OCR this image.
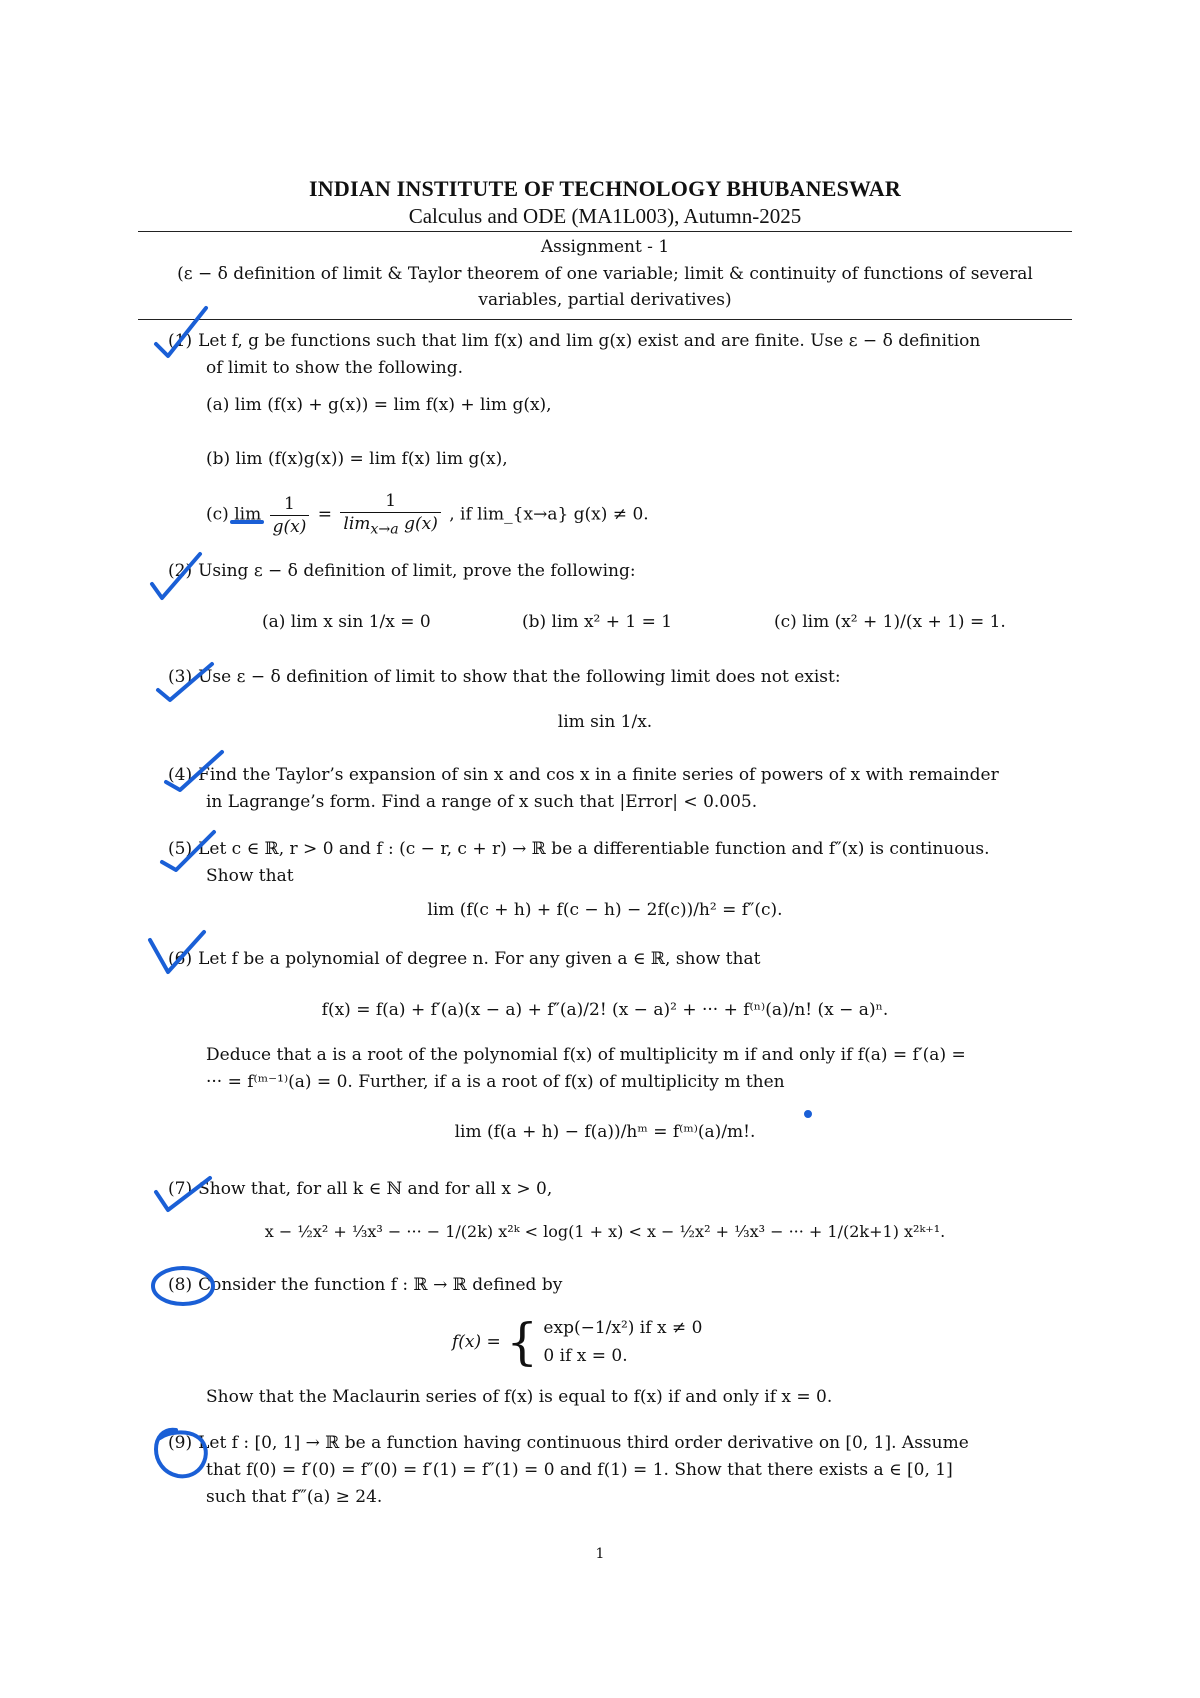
INDIAN INSTITUTE OF TECHNOLOGY BHUBANESWAR
Calculus and ODE (MA1L003), Autumn-2025
Assignment - 1
(ε − δ definition of limit & Taylor theorem of one variable; limit & continuity of functions of several
variables, partial derivatives)
(1) Let f, g be functions such that lim f(x) and lim g(x) exist and are finite. Use ε − δ definition
of limit to show the following.
(a) lim (f(x) + g(x)) = lim f(x) + lim g(x),
(b) lim (f(x)g(x)) = lim f(x) lim g(x),
(c) $\lim \frac{1}{g(x)} = \frac{1}{\lim_{x\to a} g(x)}$ , if lim_{x→a} g(x) ≠ 0.
(2) Using ε − δ definition of limit, prove the following:
(a) lim x sin 1/x = 0	(b) lim x² + 1 = 1	(c) lim (x² + 1)/(x + 1) = 1.
(3) Use ε − δ definition of limit to show that the following limit does not exist:
lim sin 1/x.
(4) Find the Taylor’s expansion of sin x and cos x in a finite series of powers of x with remainder
in Lagrange’s form. Find a range of x such that |Error| < 0.005.
(5) Let c ∈ ℝ, r > 0 and f : (c − r, c + r) → ℝ be a differentiable function and f″(x) is continuous.
Show that
lim (f(c + h) + f(c − h) − 2f(c))/h² = f″(c).
(6) Let f be a polynomial of degree n. For any given a ∈ ℝ, show that
f(x) = f(a) + f′(a)(x − a) + f″(a)/2! (x − a)² + ··· + f⁽ⁿ⁾(a)/n! (x − a)ⁿ.
Deduce that a is a root of the polynomial f(x) of multiplicity m if and only if f(a) = f′(a) =
··· = f⁽ᵐ⁻¹⁾(a) = 0. Further, if a is a root of f(x) of multiplicity m then
lim (f(a + h) − f(a))/hᵐ = f⁽ᵐ⁾(a)/m!.
(7) Show that, for all k ∈ ℕ and for all x > 0,
x − ½x² + ⅓x³ − ··· − 1/(2k) x²ᵏ < log(1 + x) < x − ½x² + ⅓x³ − ··· + 1/(2k+1) x²ᵏ⁺¹.
(8) Consider the function f : ℝ → ℝ defined by
f(x) = { exp(−1/x²) if x ≠ 0
0 if x = 0.
Show that the Maclaurin series of f(x) is equal to f(x) if and only if x = 0.
(9) Let f : [0, 1] → ℝ be a function having continuous third order derivative on [0, 1]. Assume
that f(0) = f′(0) = f″(0) = f′(1) = f″(1) = 0 and f(1) = 1. Show that there exists a ∈ [0, 1]
such that f‴(a) ≥ 24.
1
